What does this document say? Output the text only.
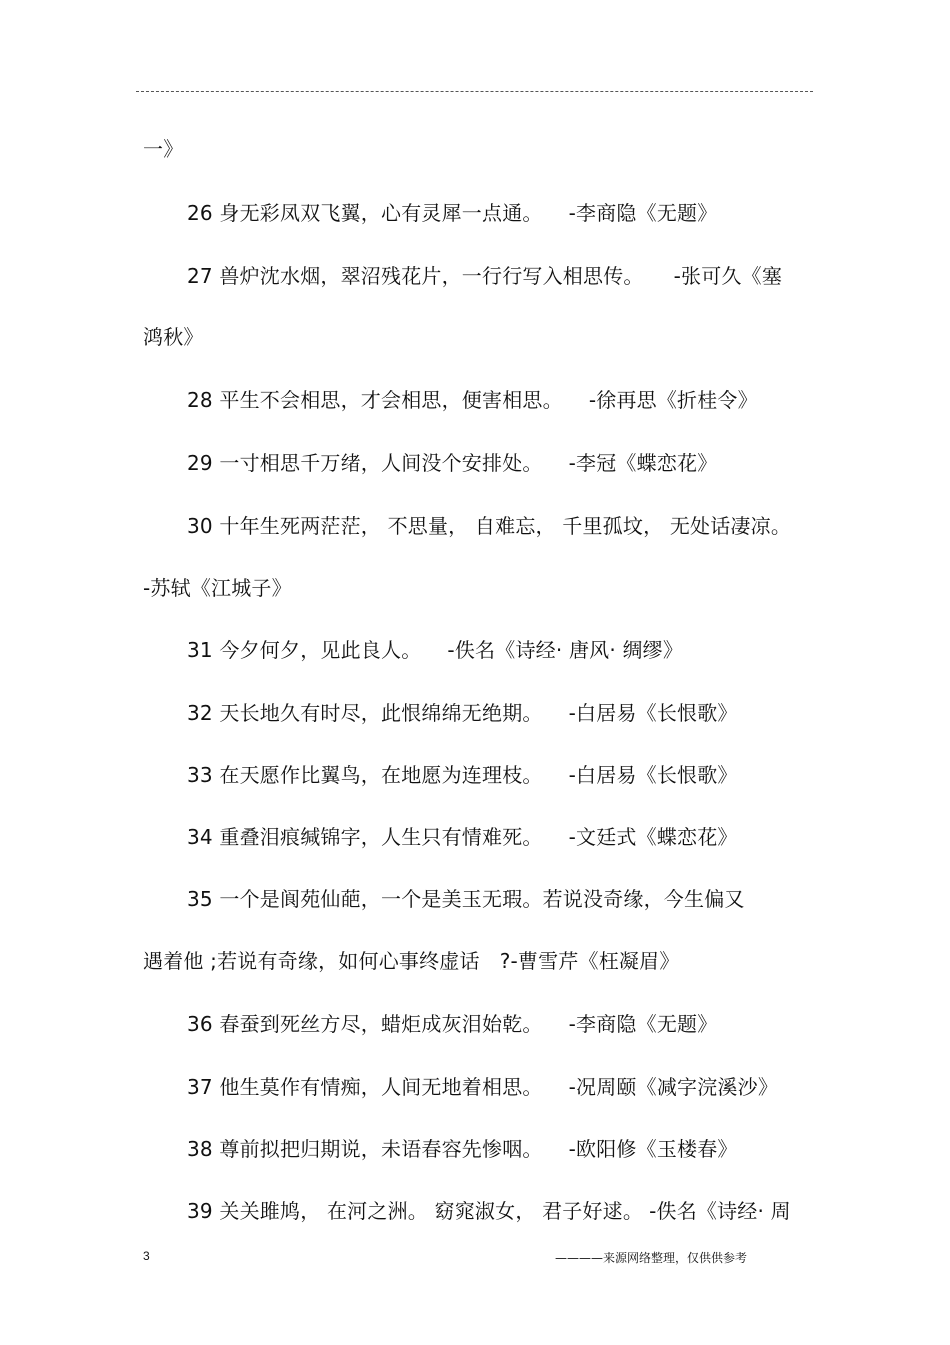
一》

26 身无彩凤双飞翼，心有灵犀一点通。 -李商隐《无题》

27 兽炉沈水烟，翠沼残花片，一行行写入相思传。 -张可久《塞

鸿秋》

28 平生不会相思，才会相思，便害相思。 -徐再思《折桂令》

29 一寸相思千万绪，人间没个安排处。 -李冠《蝶恋花》

30 十年生死两茫茫， 不思量， 自难忘， 千里孤坟， 无处话凄凉。

-苏轼《江城子》

31 今夕何夕，见此良人。 -佚名《诗经· 唐风· 绸缪》

32 天长地久有时尽，此恨绵绵无绝期。 -白居易《长恨歌》

33 在天愿作比翼鸟，在地愿为连理枝。 -白居易《长恨歌》

34 重叠泪痕缄锦字，人生只有情难死。 -文廷式《蝶恋花》

35 一个是阆苑仙葩，一个是美玉无瑕。若说没奇缘，今生偏又

遇着他 ;若说有奇缘，如何心事终虚话 ?-曹雪芹《枉凝眉》

36 春蚕到死丝方尽，蜡炬成灰泪始乾。 -李商隐《无题》

37 他生莫作有情痴，人间无地着相思。 -况周颐《减字浣溪沙》

38 尊前拟把归期说，未语春容先惨咽。 -欧阳修《玉楼春》

39 关关雎鸠， 在河之洲。 窈窕淑女， 君子好逑。 -佚名《诗经· 周

3	————来源网络整理，仅供供参考
